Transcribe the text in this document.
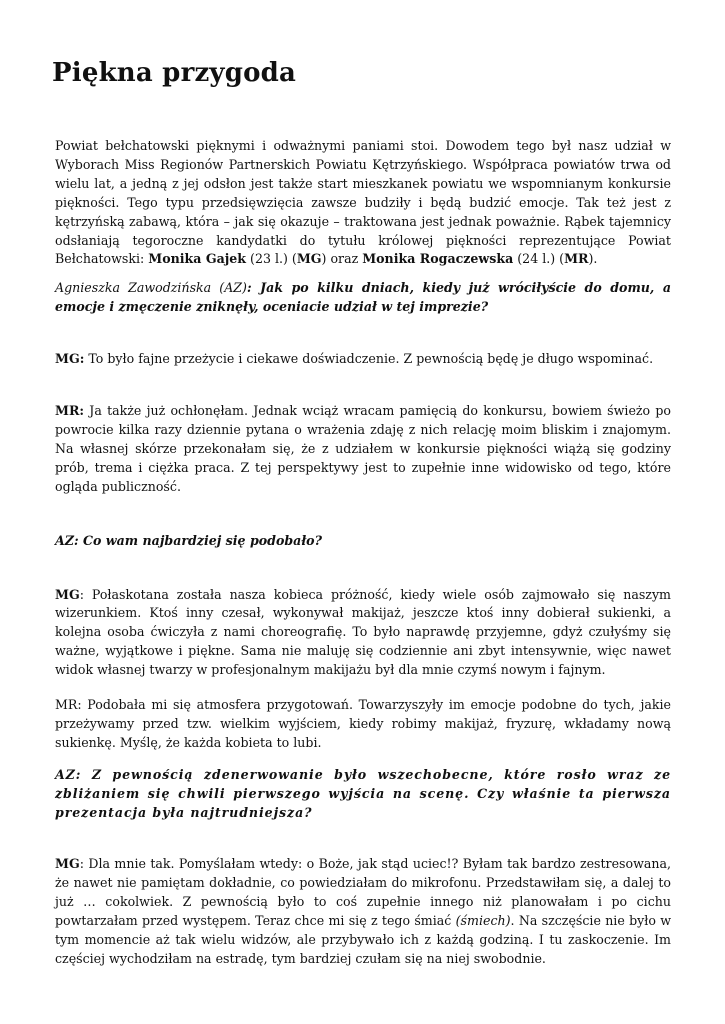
Piękna przygoda

Powiat bełchatowski pięknymi i odważnymi paniami stoi. Dowodem tego był nasz udział w Wyborach Miss Regionów Partnerskich Powiatu Kętrzyńskiego. Współpraca powiatów trwa od wielu lat, a jedną z jej odsłon jest także start mieszkanek powiatu we wspomnianym konkursie piękności. Tego typu przedsięwzięcia zawsze budziły i będą budzić emocje. Tak też jest z kętrzyńską zabawą, która – jak się okazuje – traktowana jest jednak poważnie. Rąbek tajemnicy odsłaniają tegoroczne kandydatki do tytułu królowej piękności reprezentujące Powiat Bełchatowski: Monika Gajek (23 l.) (MG) oraz Monika Rogaczewska (24 l.) (MR).

Agnieszka Zawodzińska (AZ): Jak po kilku dniach, kiedy już wróciłyście do domu, a emocje i zmęczenie zniknęły, oceniacie udział w tej imprezie?

MG: To było fajne przeżycie i ciekawe doświadczenie. Z pewnością będę je długo wspominać.

MR: Ja także już ochłonęłam. Jednak wciąż wracam pamięcią do konkursu, bowiem świeżo po powrocie kilka razy dziennie pytana o wrażenia zdaję z nich relację moim bliskim i znajomym. Na własnej skórze przekonałam się, że z udziałem w konkursie piękności wiążą się godziny prób, trema i ciężka praca. Z tej perspektywy jest to zupełnie inne widowisko od tego, które ogląda publiczność.

AZ: Co wam najbardziej się podobało?

MG: Połaskotana została nasza kobieca próżność, kiedy wiele osób zajmowało się naszym wizerunkiem. Ktoś inny czesał, wykonywał makijaż, jeszcze ktoś inny dobierał sukienki, a kolejna osoba ćwiczyła z nami choreografię. To było naprawdę przyjemne, gdyż czułyśmy się ważne, wyjątkowe i piękne. Sama nie maluję się codziennie ani zbyt intensywnie, więc nawet widok własnej twarzy w profesjonalnym makijażu był dla mnie czymś nowym i fajnym.

MR: Podobała mi się atmosfera przygotowań. Towarzyszyły im emocje podobne do tych, jakie przeżywamy przed tzw. wielkim wyjściem, kiedy robimy makijaż, fryzurę, wkładamy nową sukienkę. Myślę, że każda kobieta to lubi.

AZ: Z pewnością zdenerwowanie było wszechobecne, które rosło wraz ze zbliżaniem się chwili pierwszego wyjścia na scenę. Czy właśnie ta pierwsza prezentacja była najtrudniejsza?

MG: Dla mnie tak. Pomyślałam wtedy: o Boże, jak stąd uciec!? Byłam tak bardzo zestresowana, że nawet nie pamiętam dokładnie, co powiedziałam do mikrofonu. Przedstawiłam się, a dalej to już … cokolwiek. Z pewnością było to coś zupełnie innego niż planowałam i po cichu powtarzałam przed występem. Teraz chce mi się z tego śmiać (śmiech). Na szczęście nie było w tym momencie aż tak wielu widzów, ale przybywało ich z każdą godziną. I tu zaskoczenie. Im częściej wychodziłam na estradę, tym bardziej czułam się na niej swobodnie.
